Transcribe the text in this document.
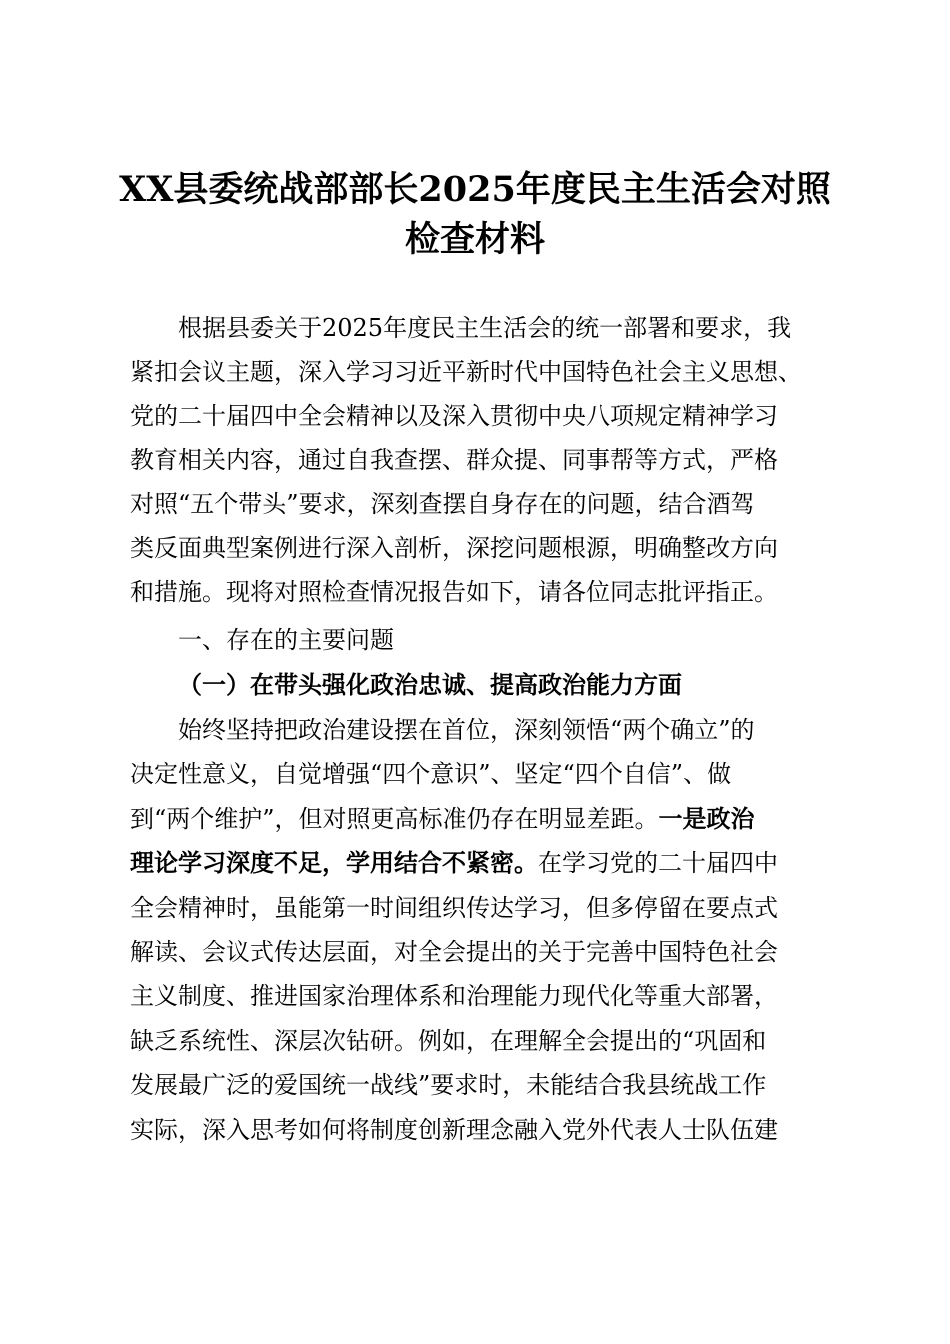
XX县委统战部部长2025年度民主生活会对照
检查材料
根据县委关于2025年度民主生活会的统一部署和要求，我
紧扣会议主题，深入学习习近平新时代中国特色社会主义思想、
党的二十届四中全会精神以及深入贯彻中央八项规定精神学习
教育相关内容，通过自我查摆、群众提、同事帮等方式，严格
对照“五个带头”要求，深刻查摆自身存在的问题，结合酒驾
类反面典型案例进行深入剖析，深挖问题根源，明确整改方向
和措施。现将对照检查情况报告如下，请各位同志批评指正。
一、存在的主要问题
（一）在带头强化政治忠诚、提高政治能力方面
始终坚持把政治建设摆在首位，深刻领悟“两个确立”的
决定性意义，自觉增强“四个意识”、坚定“四个自信”、做
到“两个维护”，但对照更高标准仍存在明显差距。一是政治
理论学习深度不足，学用结合不紧密。在学习党的二十届四中
全会精神时，虽能第一时间组织传达学习，但多停留在要点式
解读、会议式传达层面，对全会提出的关于完善中国特色社会
主义制度、推进国家治理体系和治理能力现代化等重大部署，
缺乏系统性、深层次钻研。例如，在理解全会提出的“巩固和
发展最广泛的爱国统一战线”要求时，未能结合我县统战工作
实际，深入思考如何将制度创新理念融入党外代表人士队伍建
